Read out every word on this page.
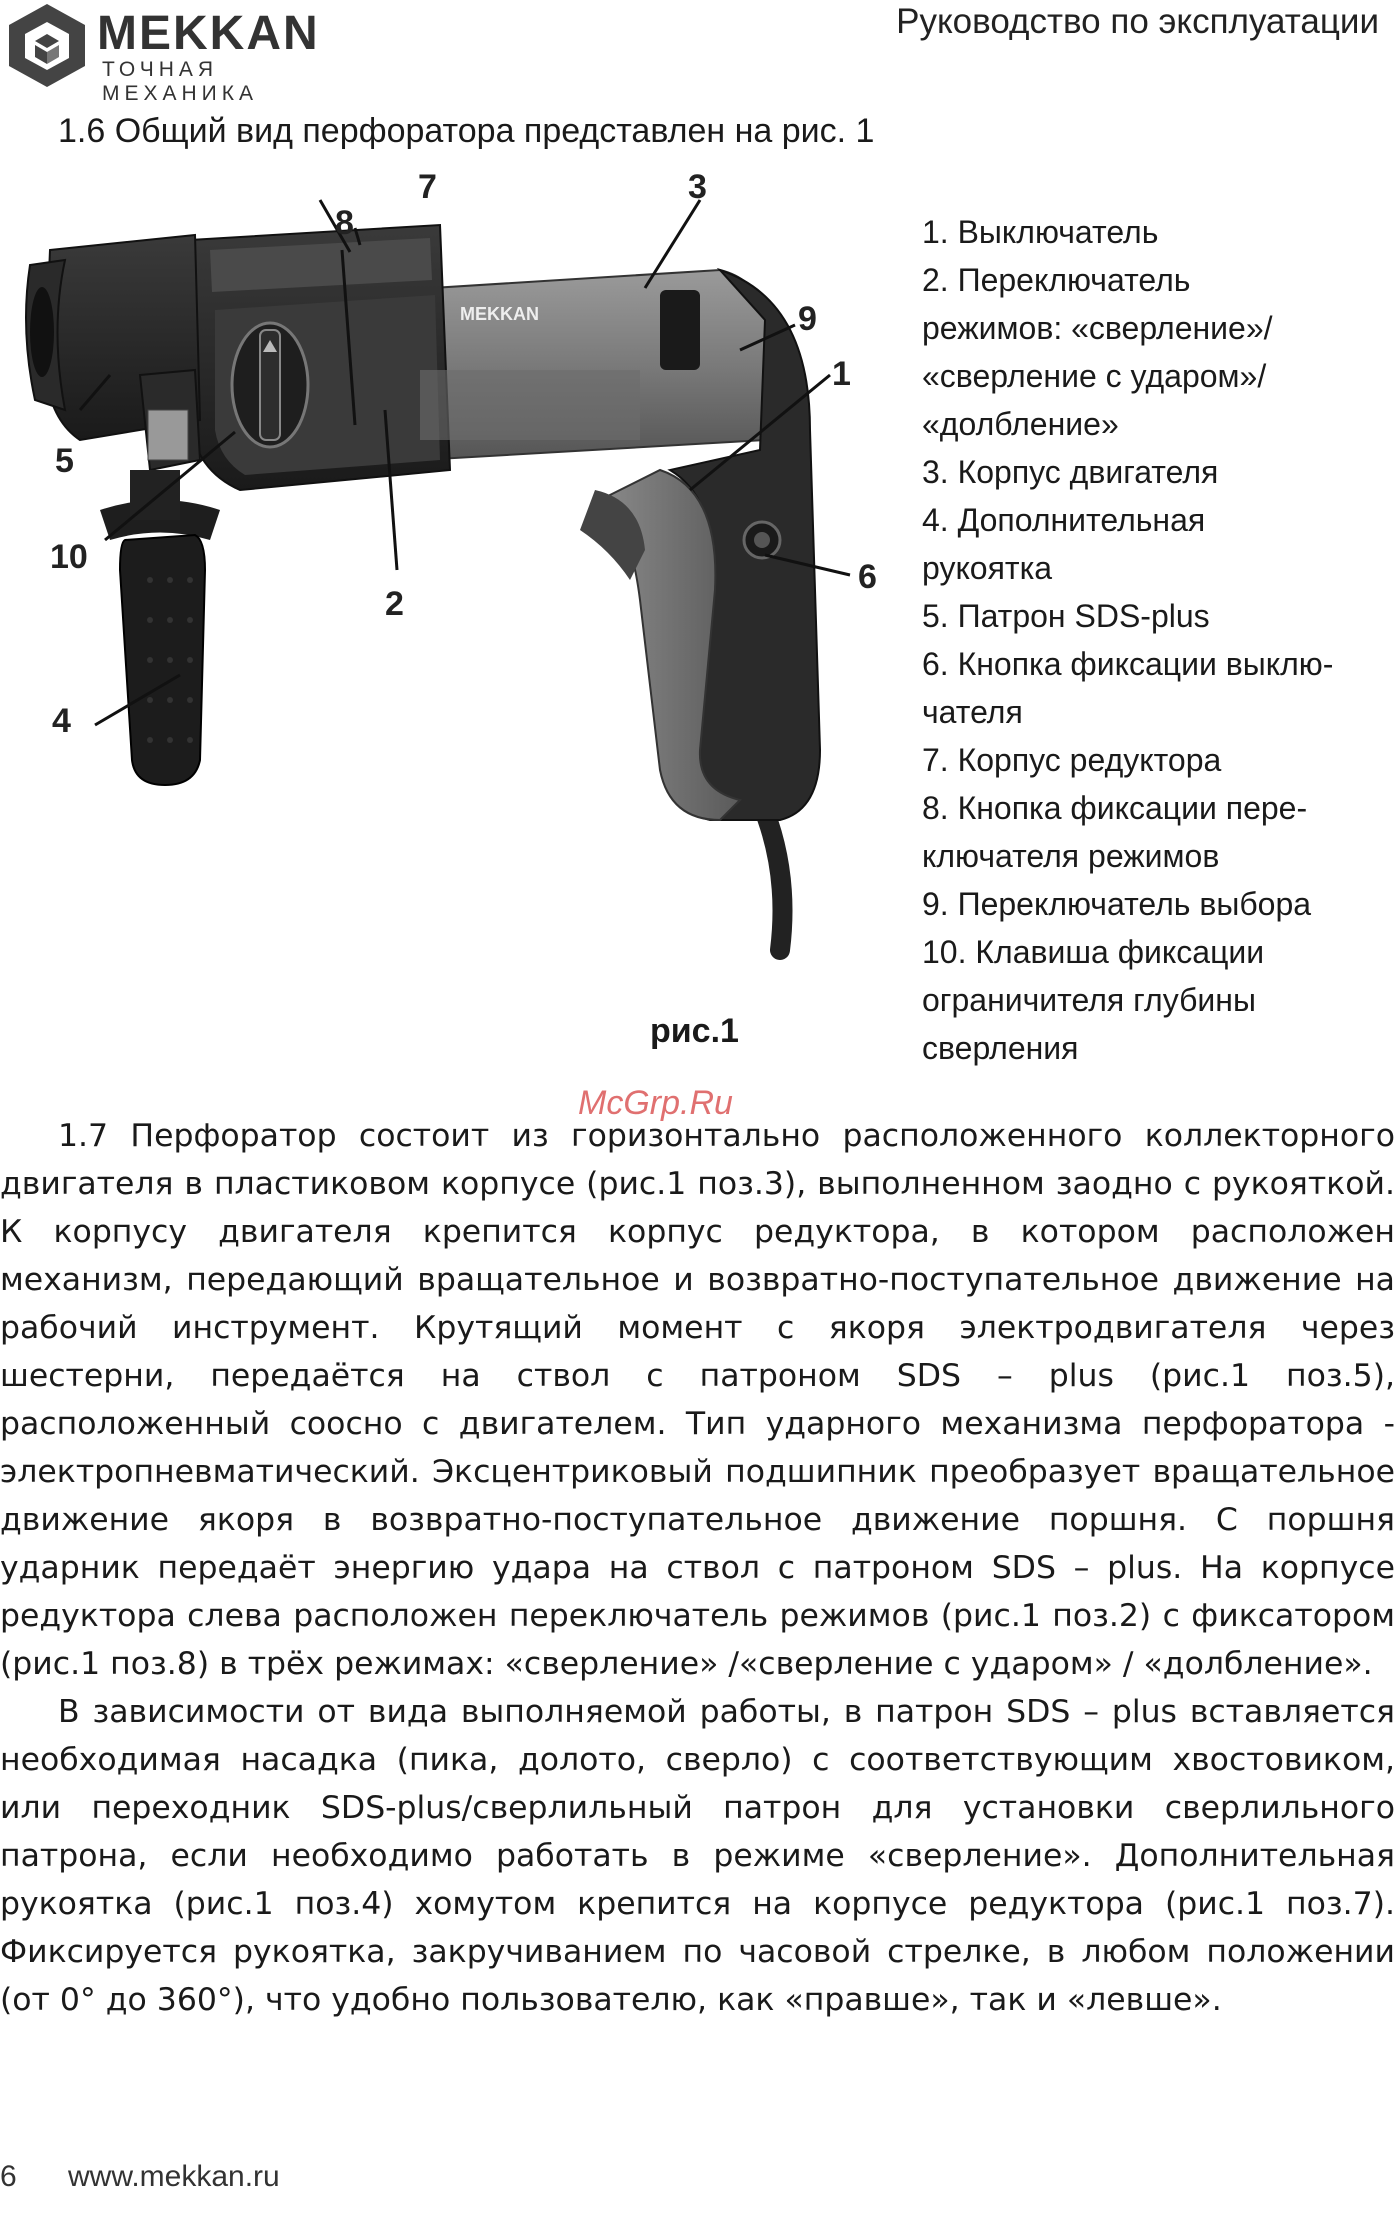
MEKKAN
ТОЧНАЯ МЕХАНИКА
Руководство по эксплуатации
1.6 Общий вид перфоратора представлен на рис. 1
MEKKAN
7
8
3
9
1
6
5
10
2
4
рис.1
1. Выключатель
2. Переключатель
режимов: «сверление»/
«сверление с ударом»/
«долбление»
3. Корпус двигателя
4. Дополнительная
рукоятка
5. Патрон SDS-plus
6. Кнопка фиксации выклю-
чателя
7. Корпус редуктора
8. Кнопка фиксации пере-
ключателя режимов
9. Переключатель выбора
10. Клавиша фиксации
ограничителя глубины
сверления
McGrp.Ru

1.7 Перфоратор состоит из горизонтально расположенного коллекторного двигателя в пластиковом корпусе (рис.1 поз.3), выполненном заодно с рукояткой. К корпусу двигателя крепится корпус редуктора, в котором расположен механизм, передающий вращательное и возвратно-поступательное движение на рабочий инструмент. Крутящий момент с якоря электродвигателя через шестерни, передаётся на ствол с патроном SDS – plus (рис.1 поз.5), расположенный соосно с двигателем. Тип ударного механизма перфоратора - электропневматический. Эксцентриковый подшипник преобразует вращательное движение якоря в возвратно-поступательное движение поршня. С поршня ударник передаёт энергию удара на ствол с патроном SDS – plus. На корпусе редуктора слева расположен переключатель режимов (рис.1 поз.2) с фиксатором (рис.1 поз.8) в трёх режимах: «сверление» /«сверление с ударом» / «долбление».

В зависимости от вида выполняемой работы, в патрон SDS – plus вставляется необходимая насадка (пика, долото, сверло) с соответствующим хвостовиком, или переходник SDS-plus/сверлильный патрон для установки сверлильного патрона, если необходимо работать в режиме «сверление». Дополнительная рукоятка (рис.1 поз.4) хомутом крепится на корпусе редуктора (рис.1 поз.7). Фиксируется рукоятка, закручиванием по часовой стрелке, в любом положении (от 0° до 360°), что удобно пользователю, как «правше», так и «левше».

6 www.mekkan.ru
